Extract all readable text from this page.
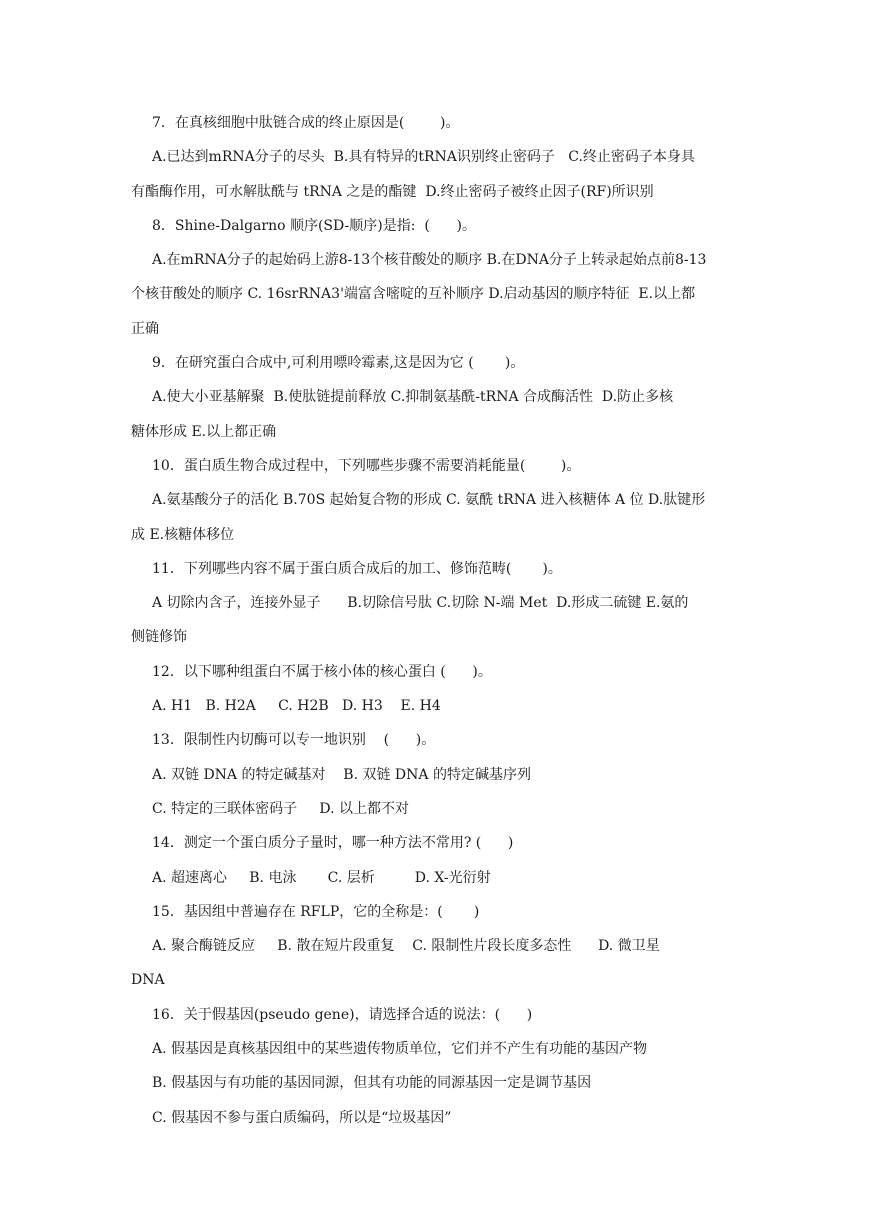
7．在真核细胞中肽链合成的终止原因是(        )。
A.已达到mRNA分子的尽头  B.具有特异的tRNA识别终止密码子   C.终止密码子本身具
有酯酶作用，可水解肽酰与 tRNA 之是的酯键  D.终止密码子被终止因子(RF)所识别
8．Shine-Dalgarno 顺序(SD-顺序)是指:  (      )。
A.在mRNA分子的起始码上游8-13个核苷酸处的顺序 B.在DNA分子上转录起始点前8-13
个核苷酸处的顺序 C. 16srRNA3'端富含嘧啶的互补顺序 D.启动基因的顺序特征  E.以上都
正确
9．在研究蛋白合成中,可利用嘌呤霉素,这是因为它 (       )。
A.使大小亚基解聚  B.使肽链提前释放 C.抑制氨基酰-tRNA 合成酶活性  D.防止多核
糖体形成 E.以上都正确
10．蛋白质生物合成过程中，下列哪些步骤不需要消耗能量(        )。
A.氨基酸分子的活化 B.70S 起始复合物的形成 C. 氨酰 tRNA 进入核糖体 A 位 D.肽键形
成 E.核糖体移位
11．下列哪些内容不属于蛋白质合成后的加工、修饰范畴(       )。
A 切除内含子，连接外显子      B.切除信号肽 C.切除 N-端 Met  D.形成二硫键 E.氨的
侧链修饰
12．以下哪种组蛋白不属于核小体的核心蛋白 (      )。
A. H1   B. H2A     C. H2B   D. H3    E. H4
13．限制性内切酶可以专一地识别    (      )。
A. 双链 DNA 的特定碱基对    B. 双链 DNA 的特定碱基序列
C. 特定的三联体密码子     D. 以上都不对
14．测定一个蛋白质分子量时，哪一种方法不常用? (      )
A. 超速离心     B. 电泳       C. 层析         D. X-光衍射
15．基因组中普遍存在 RFLP，它的全称是：(       )
A. 聚合酶链反应     B. 散在短片段重复    C. 限制性片段长度多态性      D. 微卫星
DNA
16．关于假基因(pseudo gene)，请选择合适的说法：(      )
A. 假基因是真核基因组中的某些遗传物质单位，它们并不产生有功能的基因产物
B. 假基因与有功能的基因同源，但其有功能的同源基因一定是调节基因
C. 假基因不参与蛋白质编码，所以是“垃圾基因”
